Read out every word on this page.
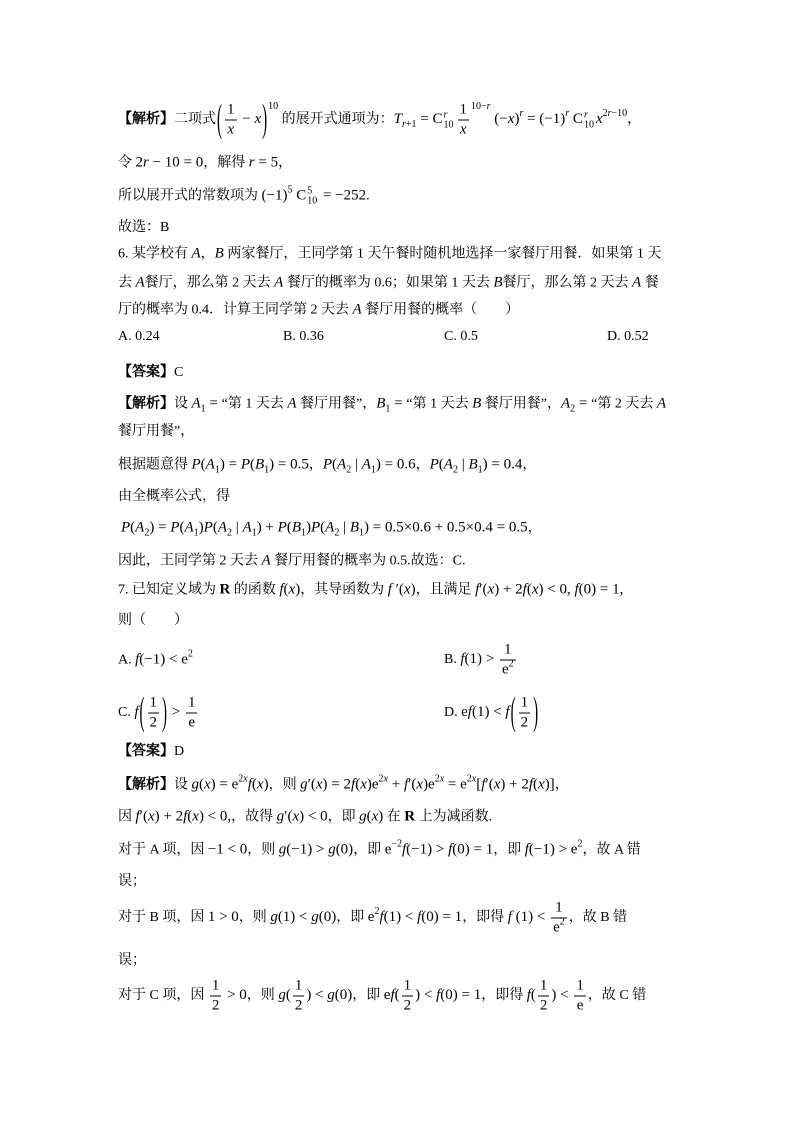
【解析】二项式( $\frac{1}{x} - x)^{10}$ 的展开式通项为：$T_{r+1} = C$ r
$10 \frac{1}{x} ^{10-r}$ $(-x)^r = (-1)^r$ C r
10 $x^{2r-10}$，
令 2r − 10 = 0，解得 r = 5，
所以展开式的常数项为 $(-1)^5$ C 5
10 = −252.
故选：B
6. 某学校有 A，B 两家餐厅，王同学第 1 天午餐时随机地选择一家餐厅用餐．如果第 1 天
去 A餐厅，那么第 2 天去 A 餐厅的概率为 0.6；如果第 1 天去 B餐厅，那么第 2 天去 A 餐
厅的概率为 0.4．计算王同学第 2 天去 A 餐厅用餐的概率（　　）
A. 0.24	B. 0.36	C. 0.5	D. 0.52
【答案】C
【解析】设 $A_1$ = “第 1 天去 A 餐厅用餐”，$B_1$ = “第 1 天去 B 餐厅用餐”，$A_2$ = “第 2 天去 A
餐厅用餐”，
根据题意得 $P(A_1) = P(B_1) = 0.5$，$P(A_2$ | $A_1) = 0.6$，$P(A_2$ | $B_1) = 0.4$，
由全概率公式，得
$P(A_2) = P(A_1)P(A_2$ | $A_1) + P(B_1)P(A_2$ | $B_1) = 0.5\times 0.6 + 0.5\times 0.4 = 0.5$，
因此，王同学第 2 天去 A 餐厅用餐的概率为 0.5.故选：C.
7. 已知定义域为 R 的函数 f(x)，其导函数为 f ′(x)，且满足 f′(x) + 2f(x) < 0, f(0) = 1,
则（　　）
A. $f(-1) < e^2$	B. $f(1) > \frac{1}{e^2}$
C. $f( \frac{1}{2}$ ) > $\frac{1}{e}$	D. $ef(1) < f( \frac{1}{2}$ )
【答案】D
【解析】设 $g(x) = e^{2x}f(x)$，则 $g'(x) = 2f(x)e^{2x} + f'(x)e^{2x} = e^{2x}[f'(x) + 2f(x)]$，
因 f′(x) + 2f(x) < 0,，故得 g′(x) < 0，即 g(x) 在 R 上为减函数.
对于 A 项，因 −1 < 0，则 g(−1) > g(0)，即 $e^{-2}f(-1) > f(0) = 1$，即 $f(-1) > e^2$，故 A 错
误；
对于 B 项，因 1 > 0，则 g(1) < g(0)，即 $e^2f(1) < f(0) = 1$，即得 f $(1) < \frac{1}{e^2}$ ，故 B 错
误；
对于 C 项，因 $\frac{1}{2} > 0$，则 $g( \frac{1}{2}$ ) < g(0)，即 $ef( \frac{1}{2}$ ) < f(0) = 1，即得 $f( \frac{1}{2}$ ) < $\frac{1}{e}$ ，故 C 错
